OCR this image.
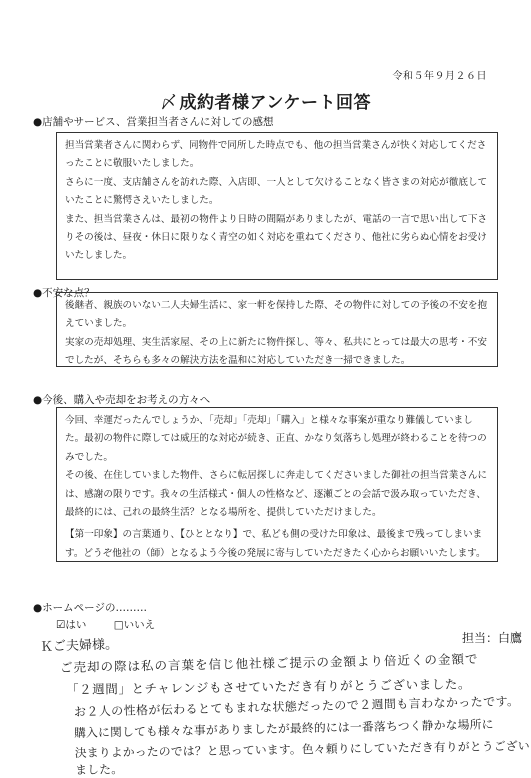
令和５年９月２６日
〆 成約者様アンケート回答
●店舗やサービス、営業担当者さんに対しての感想

担当営業者さんに関わらず、同物件で同所した時点でも、他の担当営業さんが快く対応してくださったことに敬服いたしました。

さらに一度、支店舗さんを訪れた際、入店即、一人として欠けることなく皆さまの対応が徹底していたことに驚愕さえいたしました。

また、担当営業さんは、最初の物件より日時の間隔がありましたが、電話の一言で思い出して下さりその後は、昼夜・休日に限りなく青空の如く対応を重ねてくださり、他社に劣らぬ心情をお受けいたしました。

●不安な点？

後継者、親族のいない二人夫婦生活に、家一軒を保持した際、その物件に対しての予後の不安を抱えていました。

実家の売却処理、実生活家屋、その上に新たに物件探し、等々、私共にとっては最大の思考・不安でしたが、そちらも多々の解決方法を温和に対応していただき一掃できました。

●今後、購入や売却をお考えの方々へ

今回、幸運だったんでしょうか、「売却」「売却」「購入」と様々な事案が重なり難儀していました。最初の物件に際しては威圧的な対応が続き、正直、かなり気落ちし処理が終わることを待つのみでした。

その後、在住していました物件、さらに転居探しに奔走してくださいました御社の担当営業さんには、感謝の限りです。我々の生活様式・個人の性格など、逐瀬ごとの会話で汲み取っていただき、最終的には、己れの最終生活？となる場所を、提供していただけました。

【第一印象】の言葉通り、【ひととなり】で、私ども側の受けた印象は、最後まで残ってしまいます。どうぞ他社の（師）となるよう今後の発展に寄与していただきたく心からお願いいたします。

●ホームページの………
☑はい	□いいえ
担当：白鷹
Ｋご夫婦様。
ご売却の際は私の言葉を信じ他社様ご提示の金額より倍近くの金額で
「２週間」とチャレンジもさせていただき有りがとうございました。
お２人の性格が伝わるとてもまれな状態だったので２週間も言わなかったです。
購入に関しても様々な事がありましたが最終的には一番落ちつく静かな場所に
決まりよかったのでは？と思っています。色々頼りにしていただき有りがとうございました。
